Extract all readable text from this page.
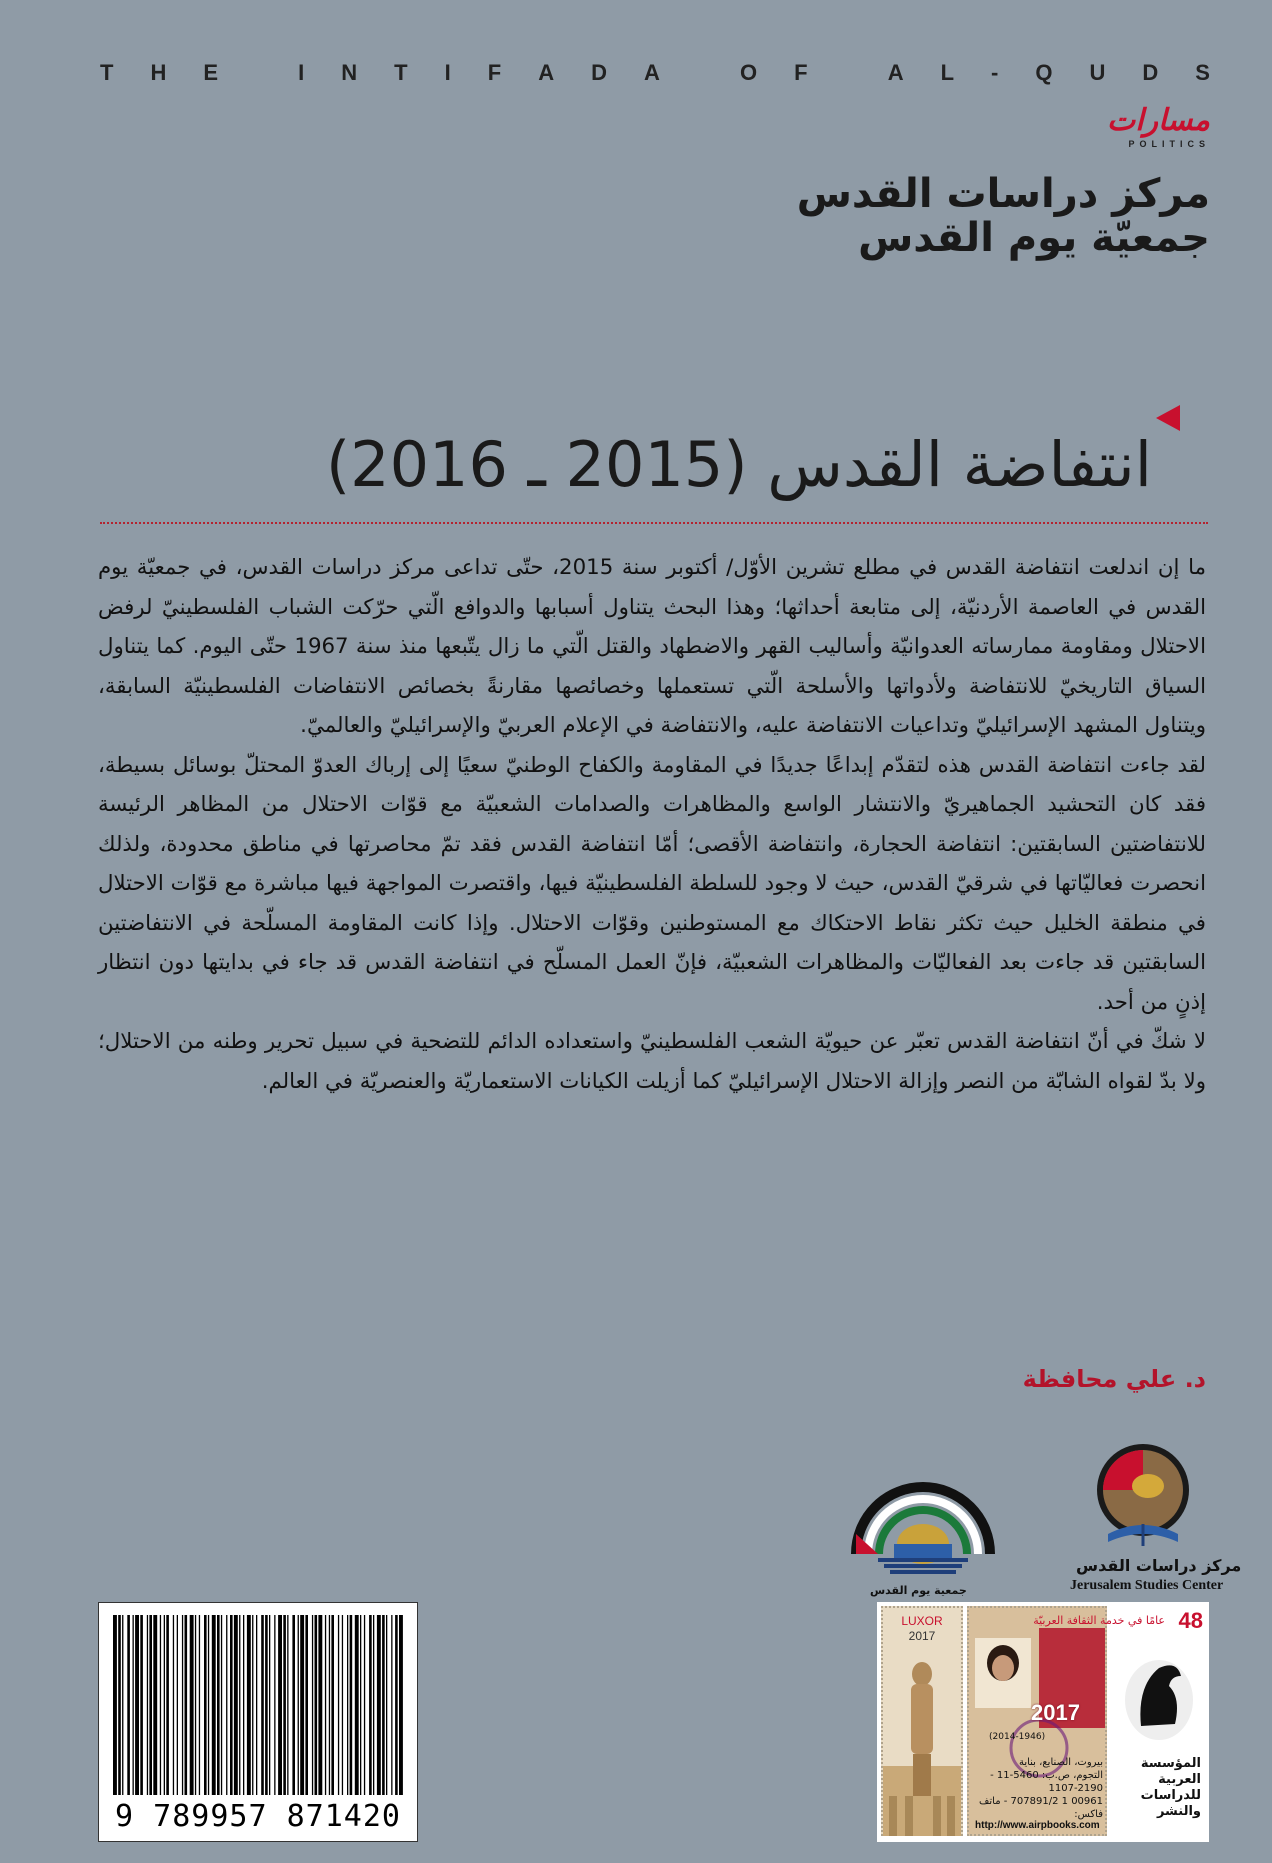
T H E
	I N T I F A D A
	O F
	A L - Q U D S
مسارات
POLITICS
مركز دراسات القدس
جمعيّة يوم القدس
انتفاضة القدس (2015 ـ 2016)

ما إن اندلعت انتفاضة القدس في مطلع تشرين الأوّل/ أكتوبر سنة 2015، حتّى تداعى مركز دراسات القدس، في جمعيّة يوم القدس في العاصمة الأردنيّة، إلى متابعة أحداثها؛ وهذا البحث يتناول أسبابها والدوافع الّتي حرّكت الشباب الفلسطينيّ لرفض الاحتلال ومقاومة ممارساته العدوانيّة وأساليب القهر والاضطهاد والقتل الّتي ما زال يتّبعها منذ سنة 1967 حتّى اليوم. كما يتناول السياق التاريخيّ للانتفاضة ولأدواتها والأسلحة الّتي تستعملها وخصائصها مقارنةً بخصائص الانتفاضات الفلسطينيّة السابقة، ويتناول المشهد الإسرائيليّ وتداعيات الانتفاضة عليه، والانتفاضة في الإعلام العربيّ والإسرائيليّ والعالميّ.

لقد جاءت انتفاضة القدس هذه لتقدّم إبداعًا جديدًا في المقاومة والكفاح الوطنيّ سعيًا إلى إرباك العدوّ المحتلّ بوسائل بسيطة، فقد كان التحشيد الجماهيريّ والانتشار الواسع والمظاهرات والصدامات الشعبيّة مع قوّات الاحتلال من المظاهر الرئيسة للانتفاضتين السابقتين: انتفاضة الحجارة، وانتفاضة الأقصى؛ أمّا انتفاضة القدس فقد تمّ محاصرتها في مناطق محدودة، ولذلك انحصرت فعاليّاتها في شرقيّ القدس، حيث لا وجود للسلطة الفلسطينيّة فيها، واقتصرت المواجهة فيها مباشرة مع قوّات الاحتلال في منطقة الخليل حيث تكثر نقاط الاحتكاك مع المستوطنين وقوّات الاحتلال. وإذا كانت المقاومة المسلّحة في الانتفاضتين السابقتين قد جاءت بعد الفعاليّات والمظاهرات الشعبيّة، فإنّ العمل المسلّح في انتفاضة القدس قد جاء في بدايتها دون انتظار إذنٍ من أحد.

لا شكّ في أنّ انتفاضة القدس تعبّر عن حيويّة الشعب الفلسطينيّ واستعداده الدائم للتضحية في سبيل تحرير وطنه من الاحتلال؛ ولا بدّ لقواه الشابّة من النصر وإزالة الاحتلال الإسرائيليّ كما أزيلت الكيانات الاستعماريّة والعنصريّة في العالم.

د. علي محافظة
جمعية يوم القدس
مركز دراسات القدس
Jerusalem Studies Center
9 789957 871420
LUXOR
2017
2017
(2014-1946)
بيروت، الصنايع، بناية
التجوم، ص.ب: 5460-11 - 2190-1107
00961 1 707891/2 - ماتف فاكس:
http://www.airpbooks.com
48
عامًا في خدمة الثقافة العربيّة
المؤسسة العربية للدراسات والنشر
